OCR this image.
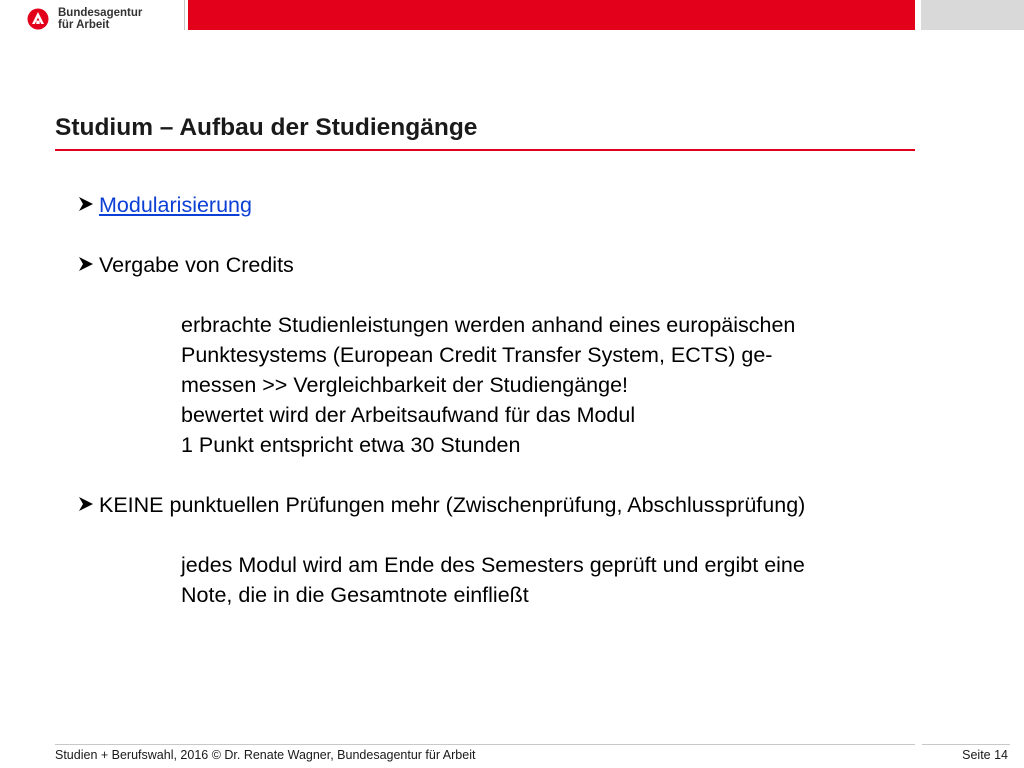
Bundesagentur
für Arbeit
Studium – Aufbau der Studiengänge
Modularisierung
Vergabe von Credits
erbrachte Studienleistungen werden anhand eines europäischen
Punktesystems (European Credit Transfer System, ECTS) ge-
messen >> Vergleichbarkeit der Studiengänge!
bewertet wird der Arbeitsaufwand für das Modul
1 Punkt entspricht etwa 30 Stunden
KEINE punktuellen Prüfungen mehr (Zwischenprüfung, Abschlussprüfung)
jedes Modul wird am Ende des Semesters geprüft und ergibt eine
Note, die in die Gesamtnote einfließt
Studien + Berufswahl, 2016 © Dr. Renate Wagner, Bundesagentur für Arbeit	Seite 14
